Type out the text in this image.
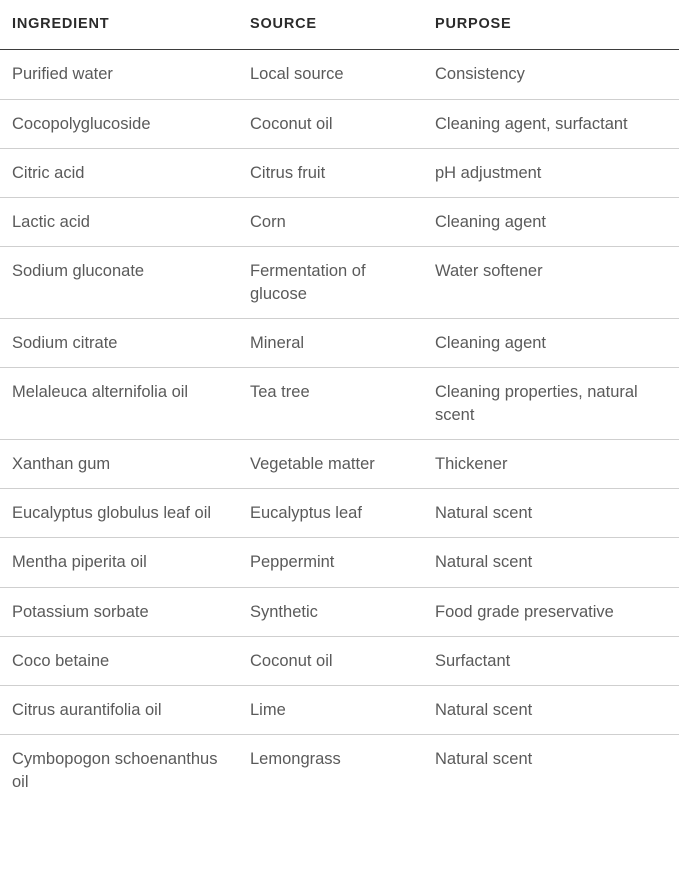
INGREDIENT	SOURCE	PURPOSE

Purified water	Local source	Consistency

Cocopolyglucoside	Coconut oil	Cleaning agent, surfactant

Citric acid	Citrus fruit	pH adjustment

Lactic acid	Corn	Cleaning agent

Sodium gluconate	Fermentation of glucose	Water softener

Sodium citrate	Mineral	Cleaning agent

Melaleuca alternifolia oil	Tea tree	Cleaning properties, natural scent

Xanthan gum	Vegetable matter	Thickener

Eucalyptus globulus leaf oil	Eucalyptus leaf	Natural scent

Mentha piperita oil	Peppermint	Natural scent

Potassium sorbate	Synthetic	Food grade preservative

Coco betaine	Coconut oil	Surfactant

Citrus aurantifolia oil	Lime	Natural scent

Cymbopogon schoenanthus oil	Lemongrass	Natural scent
